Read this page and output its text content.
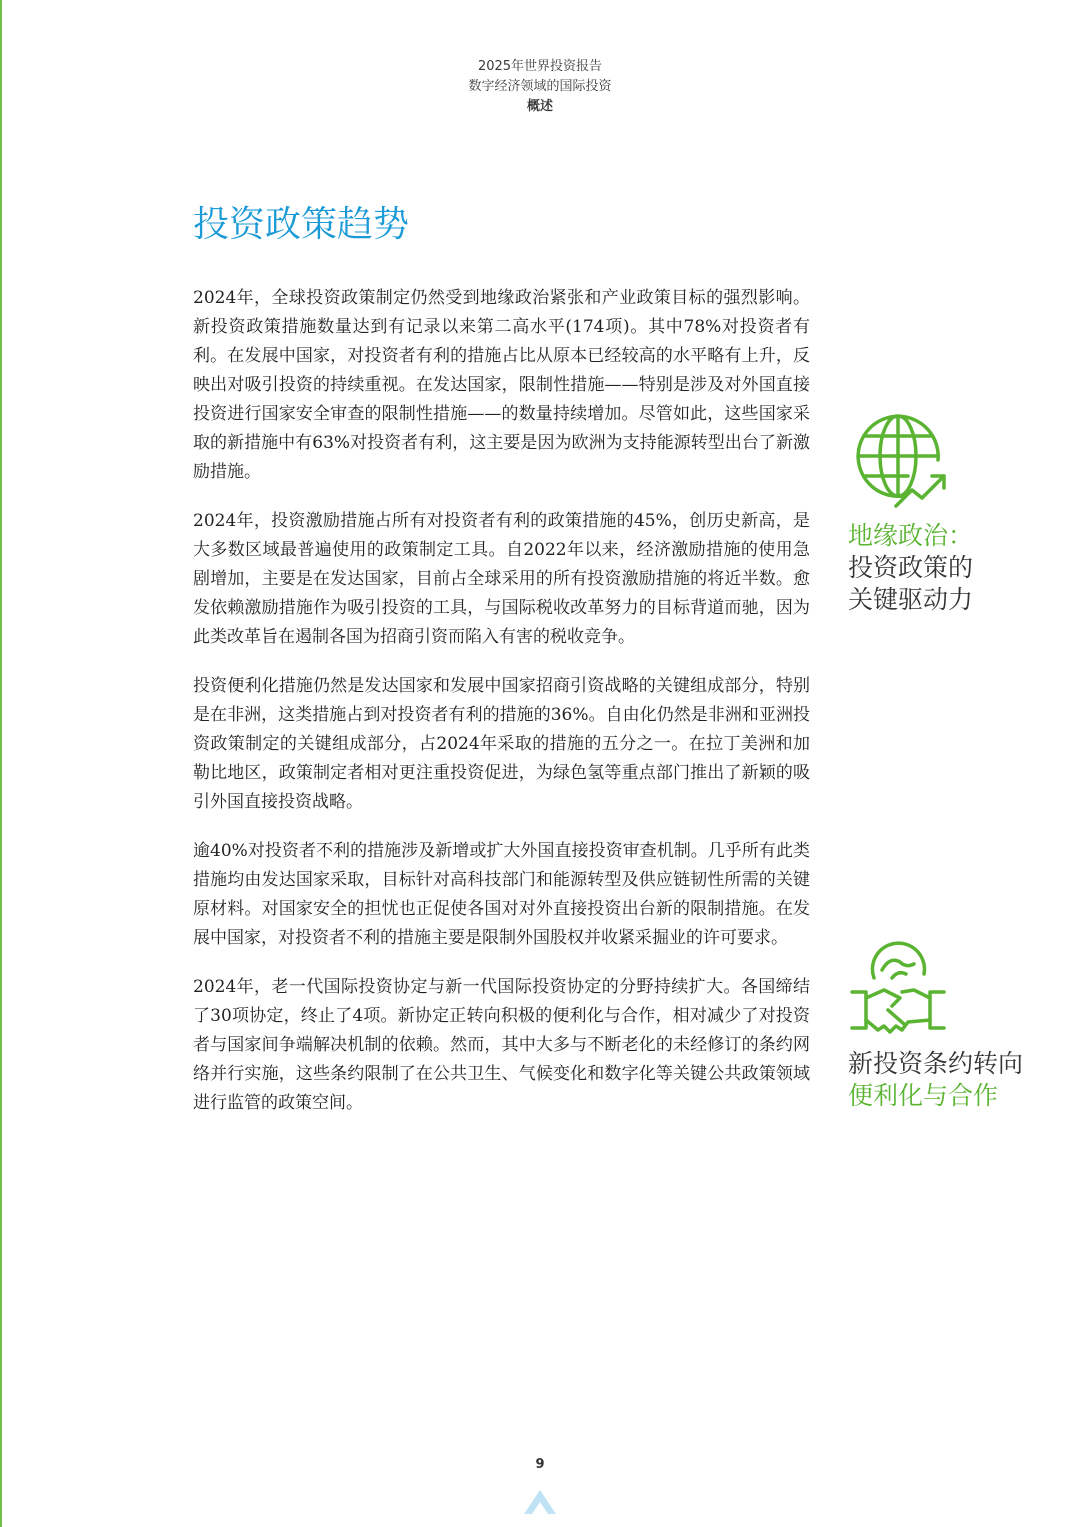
2025年世界投资报告
数字经济领域的国际投资
概述
投资政策趋势

2024年，全球投资政策制定仍然受到地缘政治紧张和产业政策目标的强烈影响。新投资政策措施数量达到有记录以来第二高水平(174项)。其中78%对投资者有利。在发展中国家，对投资者有利的措施占比从原本已经较高的水平略有上升，反映出对吸引投资的持续重视。在发达国家，限制性措施——特别是涉及对外国直接投资进行国家安全审查的限制性措施——的数量持续增加。尽管如此，这些国家采取的新措施中有63%对投资者有利，这主要是因为欧洲为支持能源转型出台了新激励措施。

2024年，投资激励措施占所有对投资者有利的政策措施的45%，创历史新高，是大多数区域最普遍使用的政策制定工具。自2022年以来，经济激励措施的使用急剧增加，主要是在发达国家，目前占全球采用的所有投资激励措施的将近半数。愈发依赖激励措施作为吸引投资的工具，与国际税收改革努力的目标背道而驰，因为此类改革旨在遏制各国为招商引资而陷入有害的税收竞争。

投资便利化措施仍然是发达国家和发展中国家招商引资战略的关键组成部分，特别是在非洲，这类措施占到对投资者有利的措施的36%。自由化仍然是非洲和亚洲投资政策制定的关键组成部分，占2024年采取的措施的五分之一。在拉丁美洲和加勒比地区，政策制定者相对更注重投资促进，为绿色氢等重点部门推出了新颖的吸引外国直接投资战略。

逾40%对投资者不利的措施涉及新增或扩大外国直接投资审查机制。几乎所有此类措施均由发达国家采取，目标针对高科技部门和能源转型及供应链韧性所需的关键原材料。对国家安全的担忧也正促使各国对对外直接投资出台新的限制措施。在发展中国家，对投资者不利的措施主要是限制外国股权并收紧采掘业的许可要求。

2024年，老一代国际投资协定与新一代国际投资协定的分野持续扩大。各国缔结了30项协定，终止了4项。新协定正转向积极的便利化与合作，相对减少了对投资者与国家间争端解决机制的依赖。然而，其中大多与不断老化的未经修订的条约网络并行实施，这些条约限制了在公共卫生、气候变化和数字化等关键公共政策领域进行监管的政策空间。

地缘政治：

投资政策的

关键驱动力

新投资条约转向

便利化与合作

9
